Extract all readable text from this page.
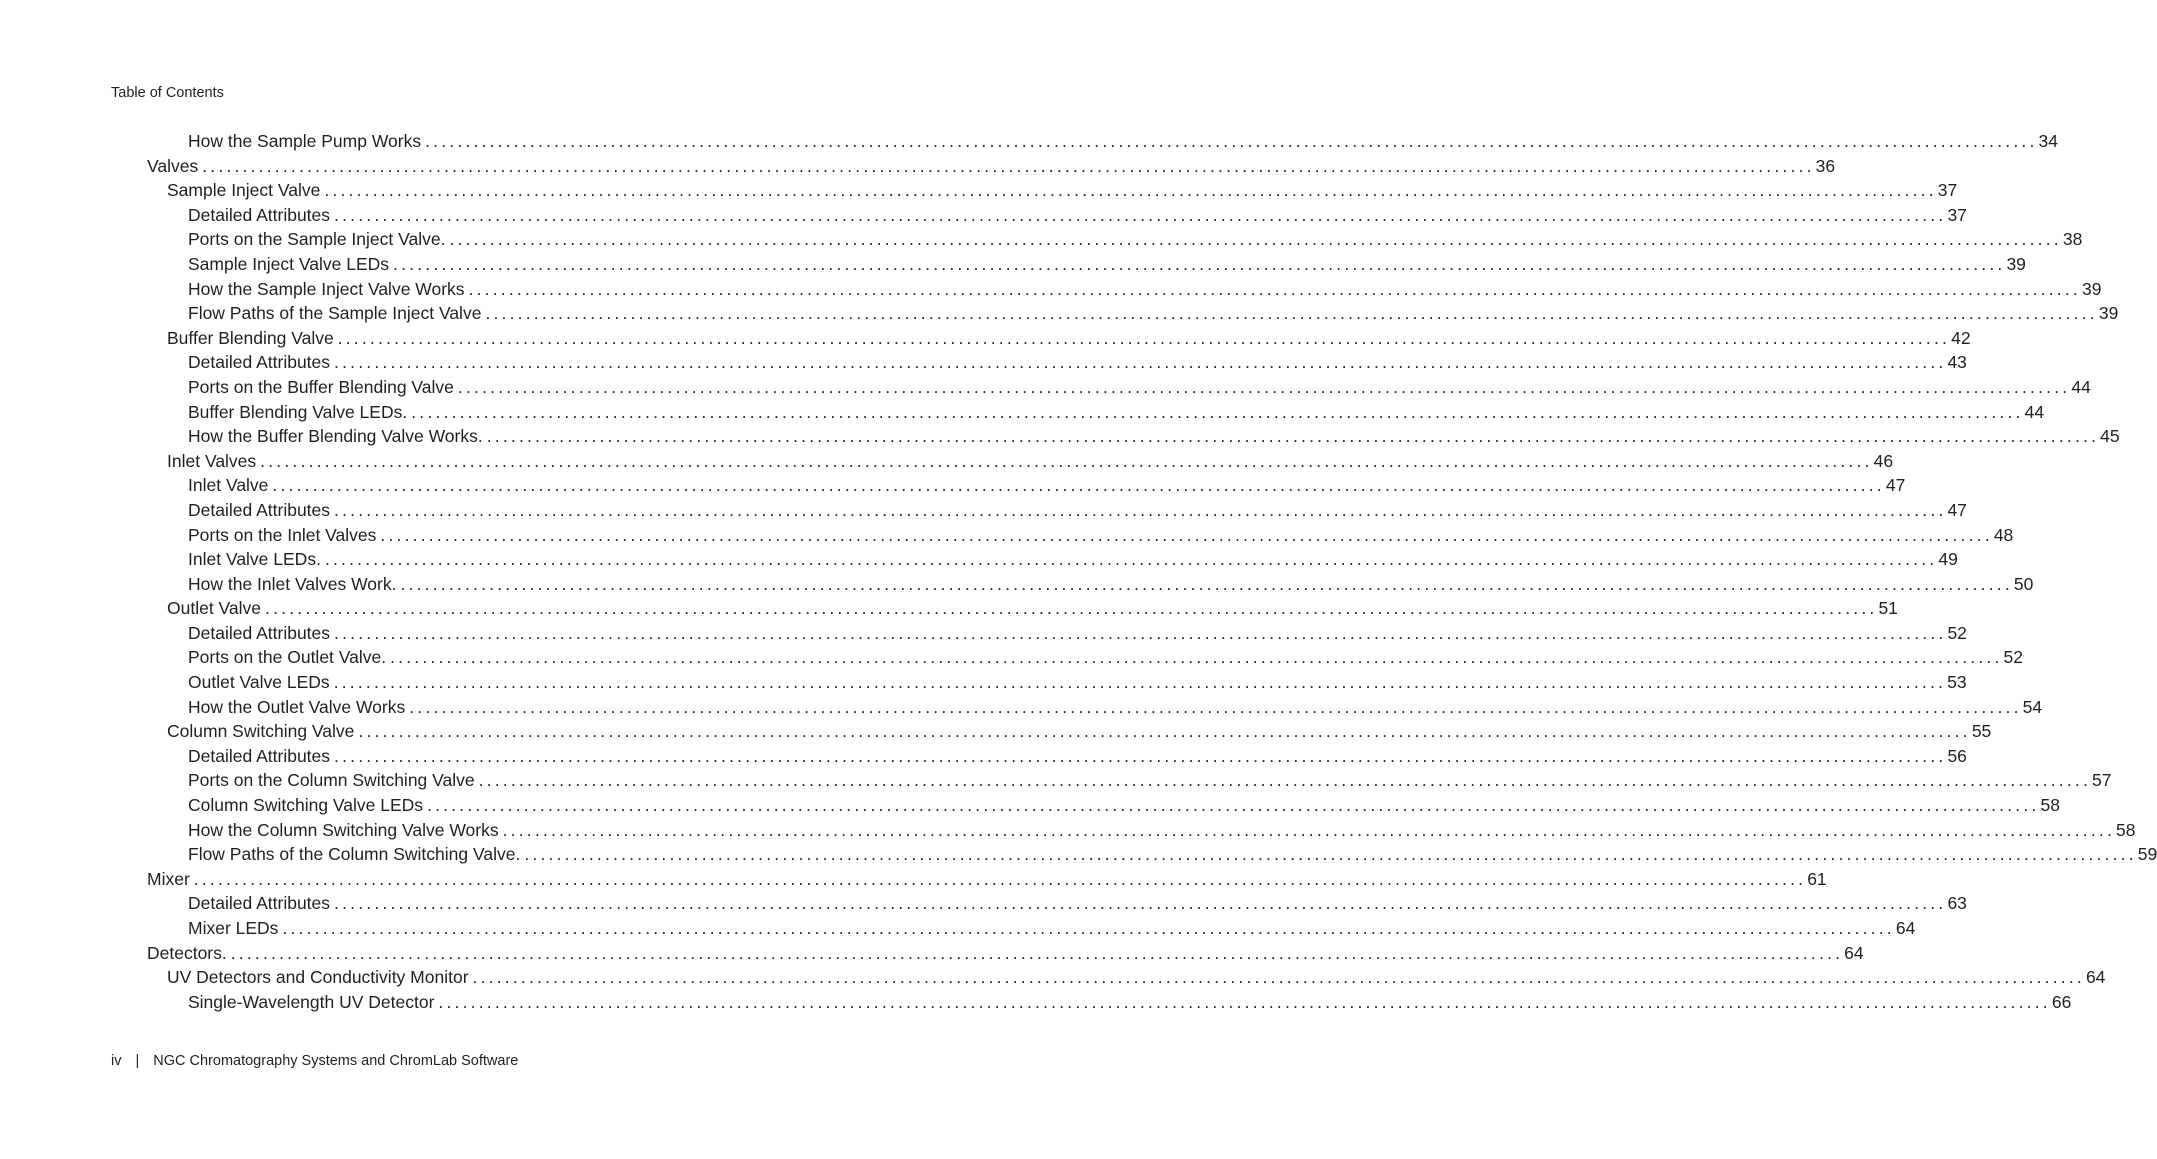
Table of Contents
How the Sample Pump Works ........................................................................................................................................................................................................ 34
Valves ........................................................................................................................................................................................................ 36
Sample Inject Valve ........................................................................................................................................................................................................ 37
Detailed Attributes ........................................................................................................................................................................................................ 37
Ports on the Sample Inject Valve. ........................................................................................................................................................................................................ 38
Sample Inject Valve LEDs ........................................................................................................................................................................................................ 39
How the Sample Inject Valve Works ........................................................................................................................................................................................................ 39
Flow Paths of the Sample Inject Valve ........................................................................................................................................................................................................ 39
Buffer Blending Valve ........................................................................................................................................................................................................ 42
Detailed Attributes ........................................................................................................................................................................................................ 43
Ports on the Buffer Blending Valve ........................................................................................................................................................................................................ 44
Buffer Blending Valve LEDs. ........................................................................................................................................................................................................ 44
How the Buffer Blending Valve Works. ........................................................................................................................................................................................................ 45
Inlet Valves ........................................................................................................................................................................................................ 46
Inlet Valve ........................................................................................................................................................................................................ 47
Detailed Attributes ........................................................................................................................................................................................................ 47
Ports on the Inlet Valves ........................................................................................................................................................................................................ 48
Inlet Valve LEDs. ........................................................................................................................................................................................................ 49
How the Inlet Valves Work. ........................................................................................................................................................................................................ 50
Outlet Valve ........................................................................................................................................................................................................ 51
Detailed Attributes ........................................................................................................................................................................................................ 52
Ports on the Outlet Valve. ........................................................................................................................................................................................................ 52
Outlet Valve LEDs ........................................................................................................................................................................................................ 53
How the Outlet Valve Works ........................................................................................................................................................................................................ 54
Column Switching Valve ........................................................................................................................................................................................................ 55
Detailed Attributes ........................................................................................................................................................................................................ 56
Ports on the Column Switching Valve ........................................................................................................................................................................................................ 57
Column Switching Valve LEDs ........................................................................................................................................................................................................ 58
How the Column Switching Valve Works ........................................................................................................................................................................................................ 58
Flow Paths of the Column Switching Valve. ........................................................................................................................................................................................................ 59
Mixer ........................................................................................................................................................................................................ 61
Detailed Attributes ........................................................................................................................................................................................................ 63
Mixer LEDs ........................................................................................................................................................................................................ 64
Detectors. ........................................................................................................................................................................................................ 64
UV Detectors and Conductivity Monitor ........................................................................................................................................................................................................ 64
Single-Wavelength UV Detector ........................................................................................................................................................................................................ 66
iv | NGC Chromatography Systems and ChromLab Software
